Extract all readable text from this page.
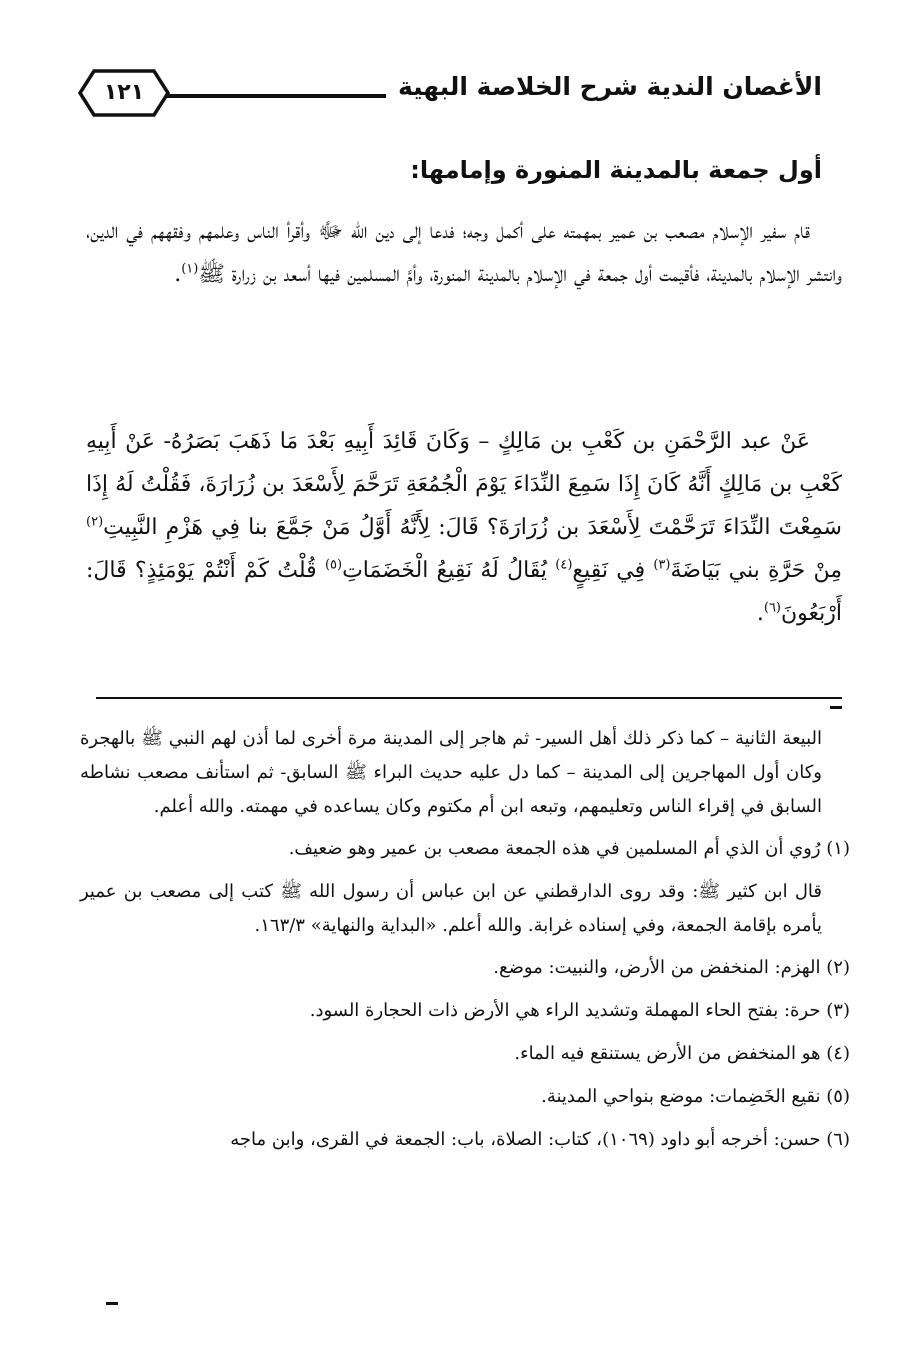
الأغصان الندية شرح الخلاصة البهية
١٢١
أول جمعة بالمدينة المنورة وإمامها:
قام سفير الإسلام مصعب بن عمير بمهمته على أكمل وجه؛ فدعا إلى دين الله ﷻ وأقرأ الناس وعلمهم وفقههم في الدين، وانتشر الإسلام بالمدينة، فأقيمت أول جمعة في الإسلام بالمدينة المنورة، وأمَّ المسلمين فيها أسعد بن زرارة ﷺ$^{(١)}$.
عَنْ عبد الرَّحْمَنِ بن كَعْبِ بن مَالِكٍ – وَكَانَ قَائِدَ أَبِيهِ بَعْدَ مَا ذَهَبَ بَصَرُهُ- عَنْ أَبِيهِ كَعْبِ بن مَالِكٍ أَنَّهُ كَانَ إِذَا سَمِعَ النِّدَاءَ يَوْمَ الْجُمُعَةِ تَرَحَّمَ لِأَسْعَدَ بن زُرَارَةَ، فَقُلْتُ لَهُ إِذَا سَمِعْتَ النِّدَاءَ تَرَحَّمْتَ لِأَسْعَدَ بن زُرَارَةَ؟ قَالَ: لِأَنَّهُ أَوَّلُ مَنْ جَمَّعَ بنا فِي هَزْمِ النَّبِيتِ$^{(٢)}$ مِنْ حَرَّةِ بني بَيَاضَةَ$^{(٣)}$ فِي نَقِيعٍ$^{(٤)}$ يُقَالُ لَهُ نَقِيعُ الْخَضَمَاتِ$^{(٥)}$ قُلْتُ كَمْ أَنْتُمْ يَوْمَئِذٍ؟ قَالَ: أَرْبَعُونَ$^{(٦)}$.
البيعة الثانية – كما ذكر ذلك أهل السير- ثم هاجر إلى المدينة مرة أخرى لما أذن لهم النبي ﷺ بالهجرة وكان أول المهاجرين إلى المدينة – كما دل عليه حديث البراء ﷺ السابق- ثم استأنف مصعب نشاطه السابق في إقراء الناس وتعليمهم، وتبعه ابن أم مكتوم وكان يساعده في مهمته. والله أعلم.
(١) رُوي أن الذي أم المسلمين في هذه الجمعة مصعب بن عمير وهو ضعيف.
قال ابن كثير ﷺ: وقد روى الدارقطني عن ابن عباس أن رسول الله ﷺ كتب إلى مصعب بن عمير يأمره بإقامة الجمعة، وفي إسناده غرابة. والله أعلم. «البداية والنهاية» ١٦٣/٣.
(٢) الهزم: المنخفض من الأرض، والنبيت: موضع.
(٣) حرة: بفتح الحاء المهملة وتشديد الراء هي الأرض ذات الحجارة السود.
(٤) هو المنخفض من الأرض يستنقع فيه الماء.
(٥) نقيع الخَضِمات: موضع بنواحي المدينة.
(٦) حسن: أخرجه أبو داود (١٠٦٩)، كتاب: الصلاة، باب: الجمعة في القرى، وابن ماجه
